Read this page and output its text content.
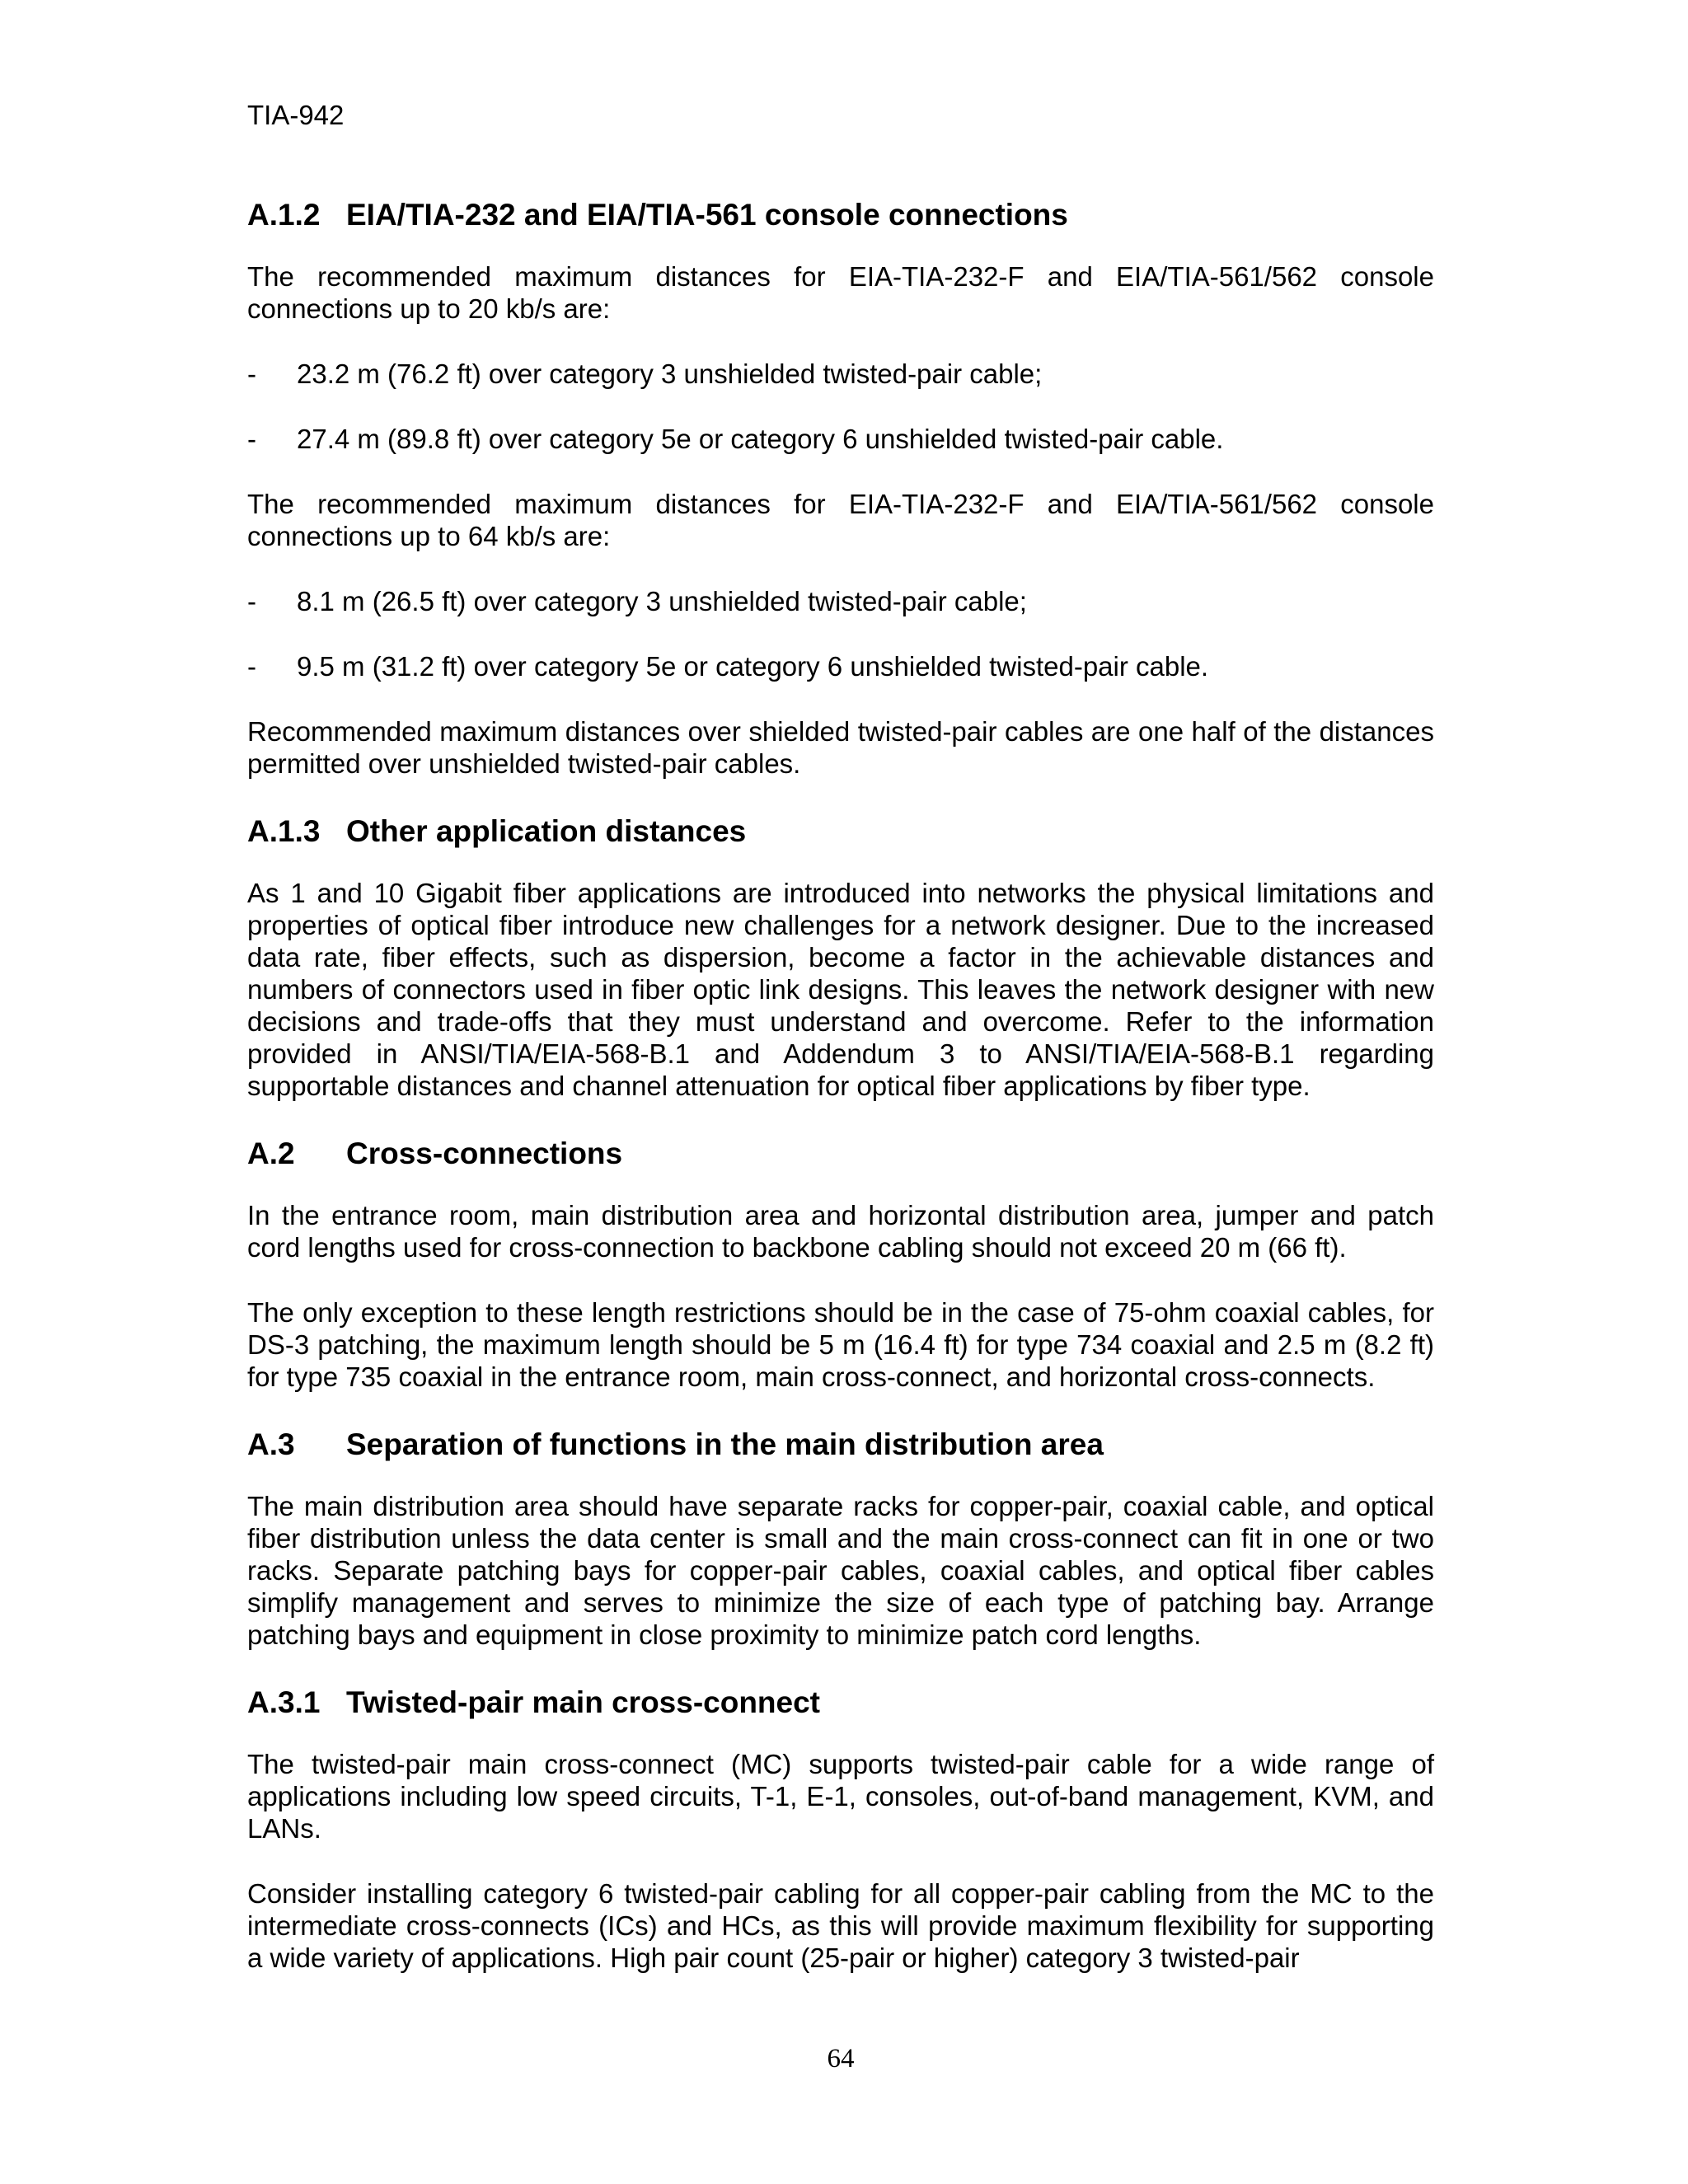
TIA-942
A.1.2 EIA/TIA-232 and EIA/TIA-561 console connections

The recommended maximum distances for EIA-TIA-232-F and EIA/TIA-561/562 console connections up to 20 kb/s are:

-	23.2 m (76.2 ft) over category 3 unshielded twisted-pair cable;
-	27.4 m (89.8 ft) over category 5e or category 6 unshielded twisted-pair cable.

The recommended maximum distances for EIA-TIA-232-F and EIA/TIA-561/562 console connections up to 64 kb/s are:

-	8.1 m (26.5 ft) over category 3 unshielded twisted-pair cable;
-	9.5 m (31.2 ft) over category 5e or category 6 unshielded twisted-pair cable.

Recommended maximum distances over shielded twisted-pair cables are one half of the distances permitted over unshielded twisted-pair cables.

A.1.3 Other application distances

As 1 and 10 Gigabit fiber applications are introduced into networks the physical limitations and properties of optical fiber introduce new challenges for a network designer. Due to the increased data rate, fiber effects, such as dispersion, become a factor in the achievable distances and numbers of connectors used in fiber optic link designs. This leaves the network designer with new decisions and trade-offs that they must understand and overcome. Refer to the information provided in ANSI/TIA/EIA-568-B.1 and Addendum 3 to ANSI/TIA/EIA-568-B.1 regarding supportable distances and channel attenuation for optical fiber applications by fiber type.

A.2	Cross-connections

In the entrance room, main distribution area and horizontal distribution area, jumper and patch cord lengths used for cross-connection to backbone cabling should not exceed 20 m (66 ft).

The only exception to these length restrictions should be in the case of 75-ohm coaxial cables, for DS-3 patching, the maximum length should be 5 m (16.4 ft) for type 734 coaxial and 2.5 m (8.2 ft) for type 735 coaxial in the entrance room, main cross-connect, and horizontal cross-connects.

A.3	Separation of functions in the main distribution area

The main distribution area should have separate racks for copper-pair, coaxial cable, and optical fiber distribution unless the data center is small and the main cross-connect can fit in one or two racks. Separate patching bays for copper-pair cables, coaxial cables, and optical fiber cables simplify management and serves to minimize the size of each type of patching bay. Arrange patching bays and equipment in close proximity to minimize patch cord lengths.

A.3.1 Twisted-pair main cross-connect

The twisted-pair main cross-connect (MC) supports twisted-pair cable for a wide range of applications including low speed circuits, T-1, E-1, consoles, out-of-band management, KVM, and LANs.

Consider installing category 6 twisted-pair cabling for all copper-pair cabling from the MC to the intermediate cross-connects (ICs) and HCs, as this will provide maximum flexibility for supporting a wide variety of applications. High pair count (25-pair or higher) category 3 twisted-pair

64
